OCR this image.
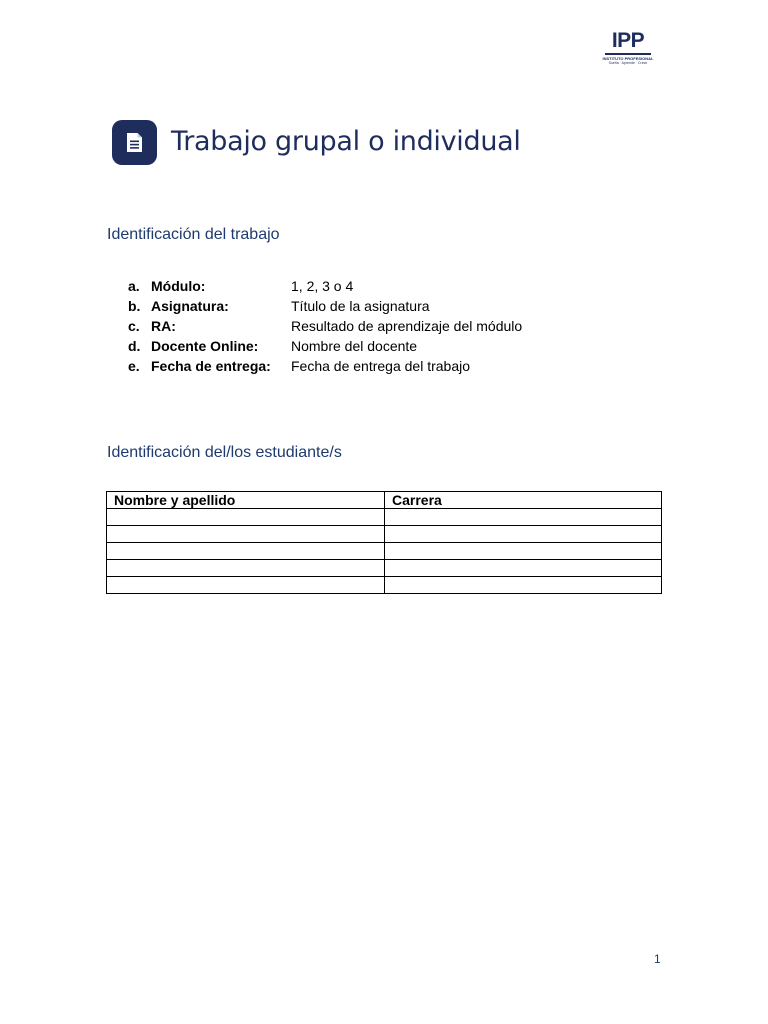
IPP
INSTITUTO PROFESIONAL
Sueña · Aprende · Crece
Trabajo grupal o individual
Identificación del trabajo
a. Módulo:	1, 2, 3 o 4
b. Asignatura:	Título de la asignatura
c. RA:	Resultado de aprendizaje del módulo
d. Docente Online: Nombre del docente
e. Fecha de entrega: Fecha de entrega del trabajo
Identificación del/los estudiante/s
Nombre y apellido	Carrera

1
